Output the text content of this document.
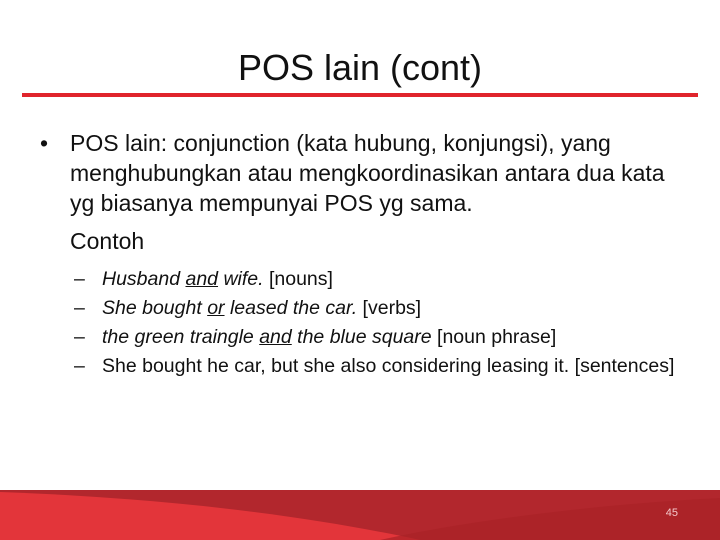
POS lain (cont)
• POS lain: conjunction (kata hubung, konjungsi), yang menghubungkan atau mengkoordinasikan antara dua kata yg biasanya mempunyai POS yg sama.
Contoh
– Husband and wife. [nouns]
– She bought or leased the car. [verbs]
– the green traingle and the blue square [noun phrase]
– She bought he car, but she also considering leasing it. [sentences]
45
